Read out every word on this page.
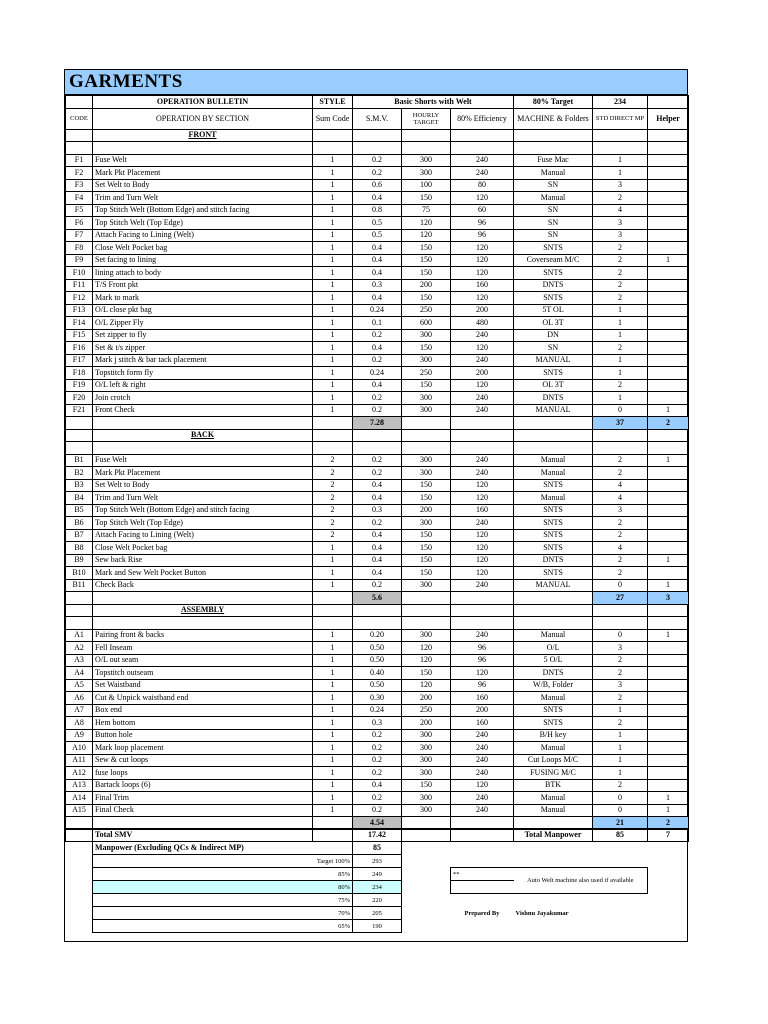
GARMENTS
	OPERATION BULLETIN	STYLE	Basic Shorts with Welt			80% Target	234	
CODE	OPERATION BY SECTION	Sum Code	S.M.V.	HOURLY TARGET	80% Efficiency	MACHINE & Folders	STD DIRECT MP	Helper
	FRONT							

F1	Fuse Welt	1	0.2	300	240	Fuse Mac	1	
F2	Mark Pkt Placement	1	0.2	300	240	Manual	1	
F3	Set Welt to Body	1	0.6	100	80	SN	3	
F4	Trim and Turn Welt	1	0.4	150	120	Manual	2	
F5	Top Stitch Welt (Bottom Edge) and stitch facing	1	0.8	75	60	SN	4	
F6	Top Stitch Welt (Top Edge)	1	0.5	120	96	SN	3	
F7	Attach Facing to Lining (Welt)	1	0.5	120	96	SN	3	
F8	Close Welt Pocket bag	1	0.4	150	120	SNTS	2	
F9	Set facing to lining	1	0.4	150	120	Coverseam M/C	2	1
F10	lining attach to body	1	0.4	150	120	SNTS	2	
F11	T/S Front pkt	1	0.3	200	160	DNTS	2	
F12	Mark to mark	1	0.4	150	120	SNTS	2	
F13	O/L close pkt bag	1	0.24	250	200	5T OL	1	
F14	O/L Zipper Fly	1	0.1	600	480	OL 3T	1	
F15	Set zipper to fly	1	0.2	300	240	DN	1	
F16	Set & t/s zipper	1	0.4	150	120	SN	2	
F17	Mark j stitch & bar tack placement	1	0.2	300	240	MANUAL	1	
F18	Topstitch form fly	1	0.24	250	200	SNTS	1	
F19	O/L left & right	1	0.4	150	120	OL 3T	2	
F20	Join crotch	1	0.2	300	240	DNTS	1	
F21	Front Check	1	0.2	300	240	MANUAL	0	1
			7.28				37	2
	BACK							

B1	Fuse Welt	2	0.2	300	240	Manual	2	1
B2	Mark Pkt Placement	2	0.2	300	240	Manual	2	
B3	Set Welt to Body	2	0.4	150	120	SNTS	4	
B4	Trim and Turn Welt	2	0.4	150	120	Manual	4	
B5	Top Stitch Welt (Bottom Edge) and stitch facing	2	0.3	200	160	SNTS	3	
B6	Top Stitch Welt (Top Edge)	2	0.2	300	240	SNTS	2	
B7	Attach Facing to Lining (Welt)	2	0.4	150	120	SNTS	2	
B8	Close Welt Pocket bag	1	0.4	150	120	SNTS	4	
B9	Sew back Rise	1	0.4	150	120	DNTS	2	1
B10	Mark and Sew Welt Pocket Button	1	0.4	150	120	SNTS	2	
B11	Check Back	1	0.2	300	240	MANUAL	0	1
			5.6				27	3
	ASSEMBLY							

A1	Pairing front & backs	1	0.20	300	240	Manual	0	1
A2	Fell Inseam	1	0.50	120	96	O/L	3	
A3	O/L out seam	1	0.50	120	96	5 O/L	2	
A4	Topstitch outseam	1	0.40	150	120	DNTS	2	
A5	Set Waistband	1	0.50	120	96	W/B, Folder	3	
A6	Cut & Unpick waistband end	1	0.30	200	160	Manual	2	
A7	Box end	1	0.24	250	200	SNTS	1	
A8	Hem bottom	1	0.3	200	160	SNTS	2	
A9	Button hole	1	0.2	300	240	B/H key	1	
A10	Mark loop placement	1	0.2	300	240	Manual	1	
A11	Sew & cut loops	1	0.2	300	240	Cut Loops M/C	1	
A12	fuse loops	1	0.2	300	240	FUSING M/C	1	
A13	Bartack loops (6)	1	0.4	150	120	BTK	2	
A14	Final Trim	1	0.2	300	240	Manual	0	1
A15	Final Check	1	0.2	300	240	Manual	0	1
			4.54				21	2
	Total SMV		17.42			Total Manpower	85	7
	Manpower (Excluding QCs & Indirect MP)		85					
	Target 100%		293					
	85%		249		**	Auto Welt machine also used if available		
	80%		234					
	75%		220					
	70%		205		Prepared By	Vishnu Jayakumar		
	65%		190					
